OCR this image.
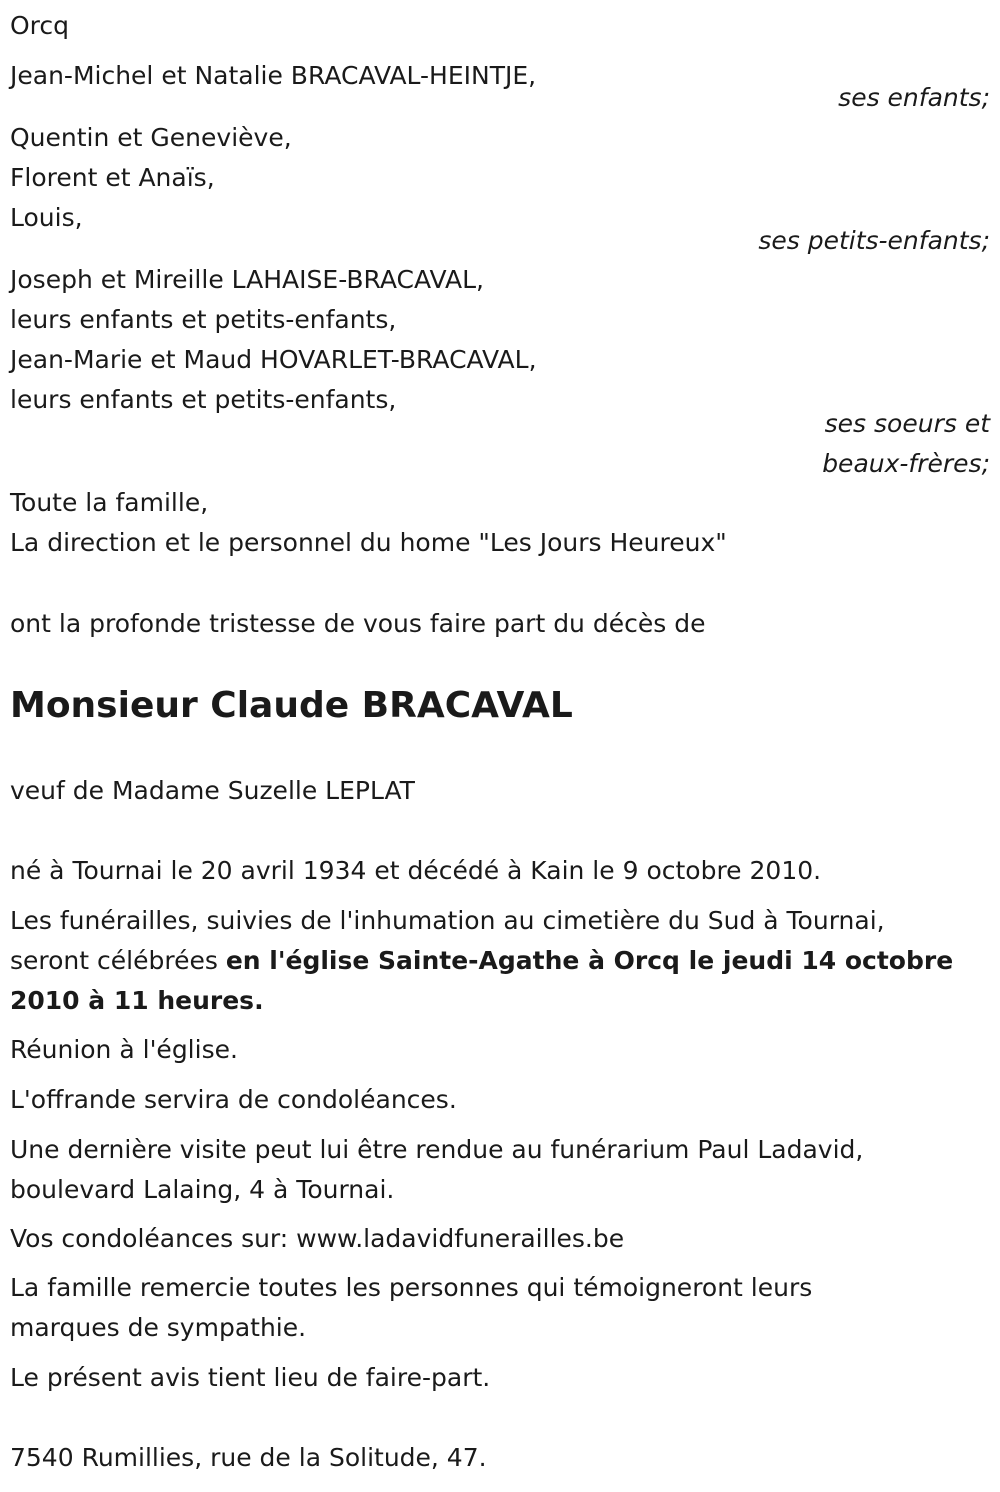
Orcq

Jean-Michel et Natalie BRACAVAL-HEINTJE,

ses enfants;

Quentin et Geneviève,

Florent et Anaïs,

Louis,

ses petits-enfants;

Joseph et Mireille LAHAISE-BRACAVAL,

leurs enfants et petits-enfants,

Jean-Marie et Maud HOVARLET-BRACAVAL,

leurs enfants et petits-enfants,

ses soeurs et

beaux-frères;

Toute la famille,

La direction et le personnel du home "Les Jours Heureux"

ont la profonde tristesse de vous faire part du décès de

Monsieur Claude BRACAVAL

veuf de Madame Suzelle LEPLAT

né à Tournai le 20 avril 1934 et décédé à Kain le 9 octobre 2010.

Les funérailles, suivies de l'inhumation au cimetière du Sud à Tournai,

seront célébrées en l'église Sainte-Agathe à Orcq le jeudi 14 octobre

2010 à 11 heures.

Réunion à l'église.

L'offrande servira de condoléances.

Une dernière visite peut lui être rendue au funérarium Paul Ladavid,

boulevard Lalaing, 4 à Tournai.

Vos condoléances sur: www.ladavidfunerailles.be

La famille remercie toutes les personnes qui témoigneront leurs

marques de sympathie.

Le présent avis tient lieu de faire-part.

7540 Rumillies, rue de la Solitude, 47.
